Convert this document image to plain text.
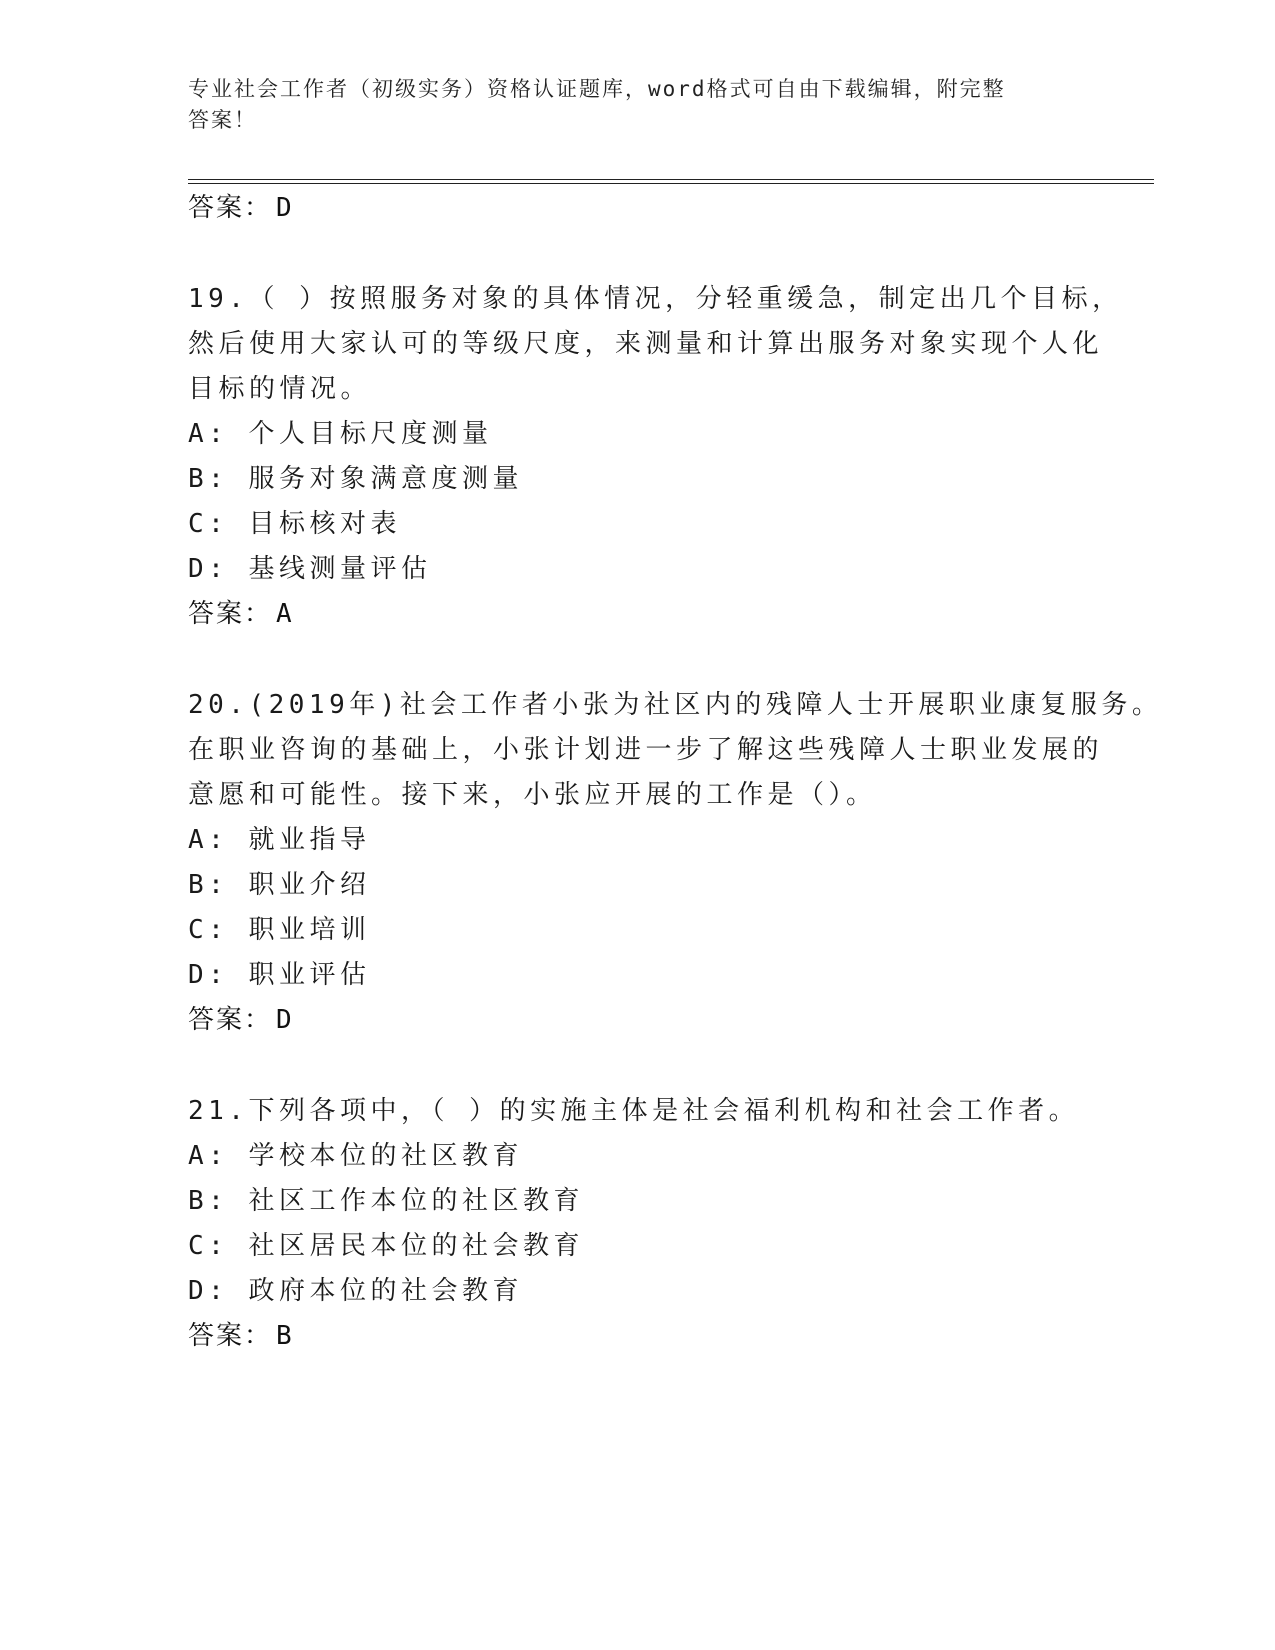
专业社会工作者（初级实务）资格认证题库，word格式可自由下载编辑，附完整
答案！
答案： D
19.（ ）按照服务对象的具体情况，分轻重缓急，制定出几个目标，
然后使用大家认可的等级尺度，来测量和计算出服务对象实现个人化
目标的情况。
A: 个人目标尺度测量
B: 服务对象满意度测量
C: 目标核对表
D: 基线测量评估
答案： A
20.(2019年)社会工作者小张为社区内的残障人士开展职业康复服务。
在职业咨询的基础上，小张计划进一步了解这些残障人士职业发展的
意愿和可能性。接下来，小张应开展的工作是（）。
A: 就业指导
B: 职业介绍
C: 职业培训
D: 职业评估
答案： D
21.下列各项中，（ ）的实施主体是社会福利机构和社会工作者。
A: 学校本位的社区教育
B: 社区工作本位的社区教育
C: 社区居民本位的社会教育
D: 政府本位的社会教育
答案： B
